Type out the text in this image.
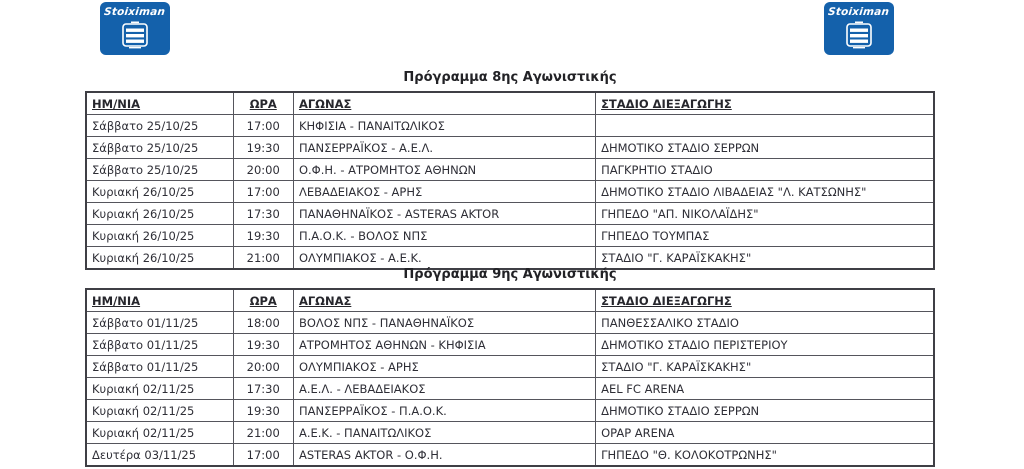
Stoiximan	Stoiximan
Πρόγραμμα 8ης Αγωνιστικής
ΗΜ/ΝΙΑ	ΩΡΑ	ΑΓΩΝΑΣ	ΣΤΑΔΙΟ ΔΙΕΞΑΓΩΓΗΣ
Σάββατο 25/10/25	17:00	ΚΗΦΙΣΙΑ - ΠΑΝΑΙΤΩΛΙΚΟΣ	
Σάββατο 25/10/25	19:30	ΠΑΝΣΕΡΡΑΪΚΟΣ - Α.Ε.Λ.	ΔΗΜΟΤΙΚΟ ΣΤΑΔΙΟ ΣΕΡΡΩΝ
Σάββατο 25/10/25	20:00	Ο.Φ.Η. - ΑΤΡΟΜΗΤΟΣ ΑΘΗΝΩΝ	ΠΑΓΚΡΗΤΙΟ ΣΤΑΔΙΟ
Κυριακή 26/10/25	17:00	ΛΕΒΑΔΕΙΑΚΟΣ - ΑΡΗΣ	ΔΗΜΟΤΙΚΟ ΣΤΑΔΙΟ ΛΙΒΑΔΕΙΑΣ "Λ. ΚΑΤΣΩΝΗΣ"
Κυριακή 26/10/25	17:30	ΠΑΝΑΘΗΝΑΪΚΟΣ - ASTERAS AKTOR	ΓΗΠΕΔΟ "ΑΠ. ΝΙΚΟΛΑΪΔΗΣ"
Κυριακή 26/10/25	19:30	Π.Α.Ο.Κ. - ΒΟΛΟΣ ΝΠΣ	ΓΗΠΕΔΟ ΤΟΥΜΠΑΣ
Κυριακή 26/10/25	21:00	ΟΛΥΜΠΙΑΚΟΣ - Α.Ε.Κ.	ΣΤΑΔΙΟ "Γ. ΚΑΡΑΪΣΚΑΚΗΣ"
Πρόγραμμα 9ης Αγωνιστικής
ΗΜ/ΝΙΑ	ΩΡΑ	ΑΓΩΝΑΣ	ΣΤΑΔΙΟ ΔΙΕΞΑΓΩΓΗΣ
Σάββατο 01/11/25	18:00	ΒΟΛΟΣ ΝΠΣ - ΠΑΝΑΘΗΝΑΪΚΟΣ	ΠΑΝΘΕΣΣΑΛΙΚΟ ΣΤΑΔΙΟ
Σάββατο 01/11/25	19:30	ΑΤΡΟΜΗΤΟΣ ΑΘΗΝΩΝ - ΚΗΦΙΣΙΑ	ΔΗΜΟΤΙΚΟ ΣΤΑΔΙΟ ΠΕΡΙΣΤΕΡΙΟΥ
Σάββατο 01/11/25	20:00	ΟΛΥΜΠΙΑΚΟΣ - ΑΡΗΣ	ΣΤΑΔΙΟ "Γ. ΚΑΡΑΪΣΚΑΚΗΣ"
Κυριακή 02/11/25	17:30	Α.Ε.Λ. - ΛΕΒΑΔΕΙΑΚΟΣ	AEL FC ARENA
Κυριακή 02/11/25	19:30	ΠΑΝΣΕΡΡΑΪΚΟΣ - Π.Α.Ο.Κ.	ΔΗΜΟΤΙΚΟ ΣΤΑΔΙΟ ΣΕΡΡΩΝ
Κυριακή 02/11/25	21:00	Α.Ε.Κ. - ΠΑΝΑΙΤΩΛΙΚΟΣ	OPAP ARENA
Δευτέρα 03/11/25	17:00	ASTERAS AKTOR - Ο.Φ.Η.	ΓΗΠΕΔΟ "Θ. ΚΟΛΟΚΟΤΡΩΝΗΣ"
